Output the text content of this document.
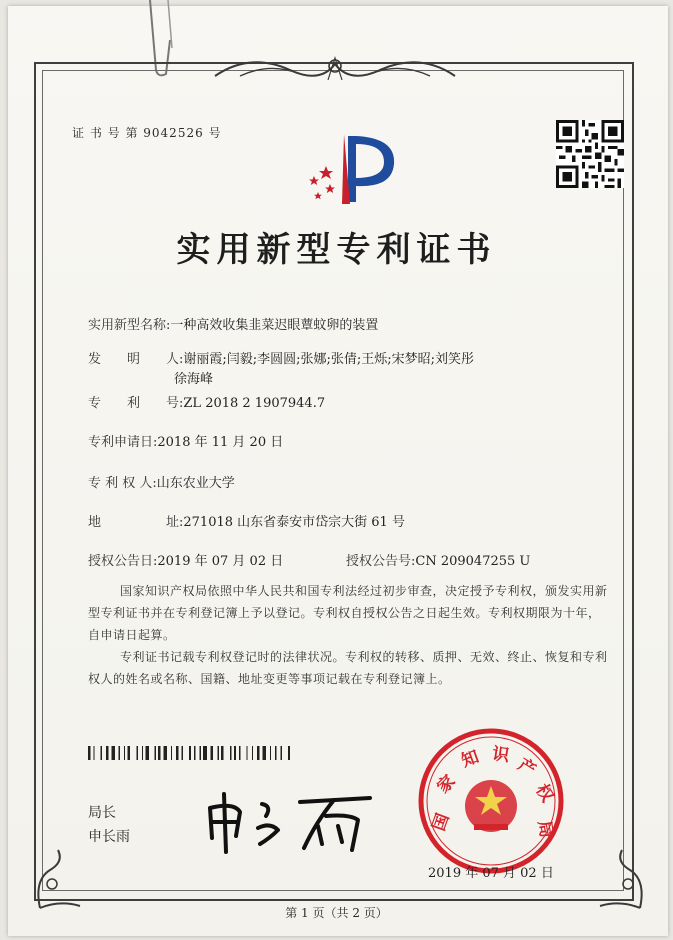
证 书 号 第 9042526 号
实用新型专利证书
实用新型名称:一种高效收集韭菜迟眼蕈蚊卵的装置
发　　明　　人:谢丽霞;闫毅;李圆圆;张娜;张倩;王烁;宋梦昭;刘笑彤
徐海峰
专　　利　　号:ZL 2018 2 1907944.7
专利申请日:2018 年 11 月 20 日
专 利 权 人:山东农业大学
地　　　　　址:271018 山东省泰安市岱宗大街 61 号
授权公告日:2019 年 07 月 02 日	授权公告号:CN 209047255 U
国家知识产权局依照中华人民共和国专利法经过初步审查，决定授予专利权，颁发实用新型专利证书并在专利登记簿上予以登记。专利权自授权公告之日起生效。专利权期限为十年，自申请日起算。
专利证书记载专利权登记时的法律状况。专利权的转移、质押、无效、终止、恢复和专利权人的姓名或名称、国籍、地址变更等事项记载在专利登记簿上。
局长
申长雨
国
家
知 识 产
权
局
2019 年 07 月 02 日
第 1 页（共 2 页）
